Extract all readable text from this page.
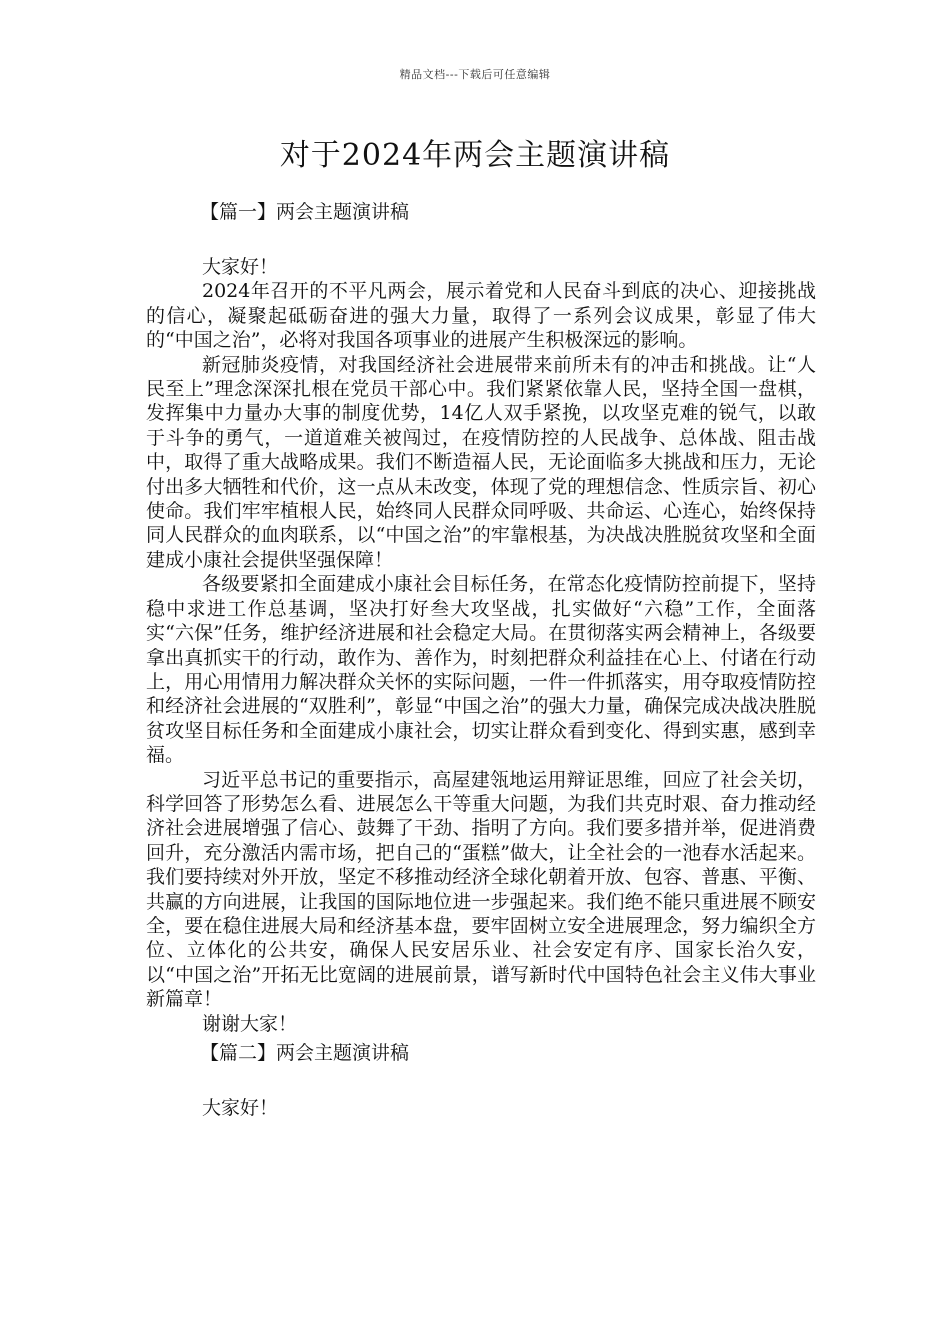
精品文档---下载后可任意编辑
对于2024年两会主题演讲稿
【篇一】两会主题演讲稿

大家好！

2024年召开的不平凡两会，展示着党和人民奋斗到底的决心、迎接挑战的信心，凝聚起砥砺奋进的强大力量，取得了一系列会议成果，彰显了伟大的“中国之治”，必将对我国各项事业的进展产生积极深远的影响。

新冠肺炎疫情，对我国经济社会进展带来前所未有的冲击和挑战。让“人民至上”理念深深扎根在党员干部心中。我们紧紧依靠人民，坚持全国一盘棋，发挥集中力量办大事的制度优势，14亿人双手紧挽，以攻坚克难的锐气，以敢于斗争的勇气，一道道难关被闯过，在疫情防控的人民战争、总体战、阻击战中，取得了重大战略成果。我们不断造福人民，无论面临多大挑战和压力，无论付出多大牺牲和代价，这一点从未改变，体现了党的理想信念、性质宗旨、初心使命。我们牢牢植根人民，始终同人民群众同呼吸、共命运、心连心，始终保持同人民群众的血肉联系，以“中国之治”的牢靠根基，为决战决胜脱贫攻坚和全面建成小康社会提供坚强保障！

各级要紧扣全面建成小康社会目标任务，在常态化疫情防控前提下，坚持稳中求进工作总基调，坚决打好叁大攻坚战，扎实做好“六稳”工作，全面落实“六保”任务，维护经济进展和社会稳定大局。在贯彻落实两会精神上，各级要拿出真抓实干的行动，敢作为、善作为，时刻把群众利益挂在心上、付诸在行动上，用心用情用力解决群众关怀的实际问题，一件一件抓落实，用夺取疫情防控和经济社会进展的“双胜利”，彰显“中国之治”的强大力量，确保完成决战决胜脱贫攻坚目标任务和全面建成小康社会，切实让群众看到变化、得到实惠，感到幸福。

习近平总书记的重要指示，高屋建瓴地运用辩证思维，回应了社会关切，科学回答了形势怎么看、进展怎么干等重大问题，为我们共克时艰、奋力推动经济社会进展增强了信心、鼓舞了干劲、指明了方向。我们要多措并举，促进消费回升，充分激活内需市场，把自己的“蛋糕”做大，让全社会的一池春水活起来。我们要持续对外开放，坚定不移推动经济全球化朝着开放、包容、普惠、平衡、共赢的方向进展，让我国的国际地位进一步强起来。我们绝不能只重进展不顾安全，要在稳住进展大局和经济基本盘，要牢固树立安全进展理念，努力编织全方位、立体化的公共安，确保人民安居乐业、社会安定有序、国家长治久安，以“中国之治”开拓无比宽阔的进展前景，谱写新时代中国特色社会主义伟大事业新篇章！

谢谢大家！

【篇二】两会主题演讲稿

大家好！
